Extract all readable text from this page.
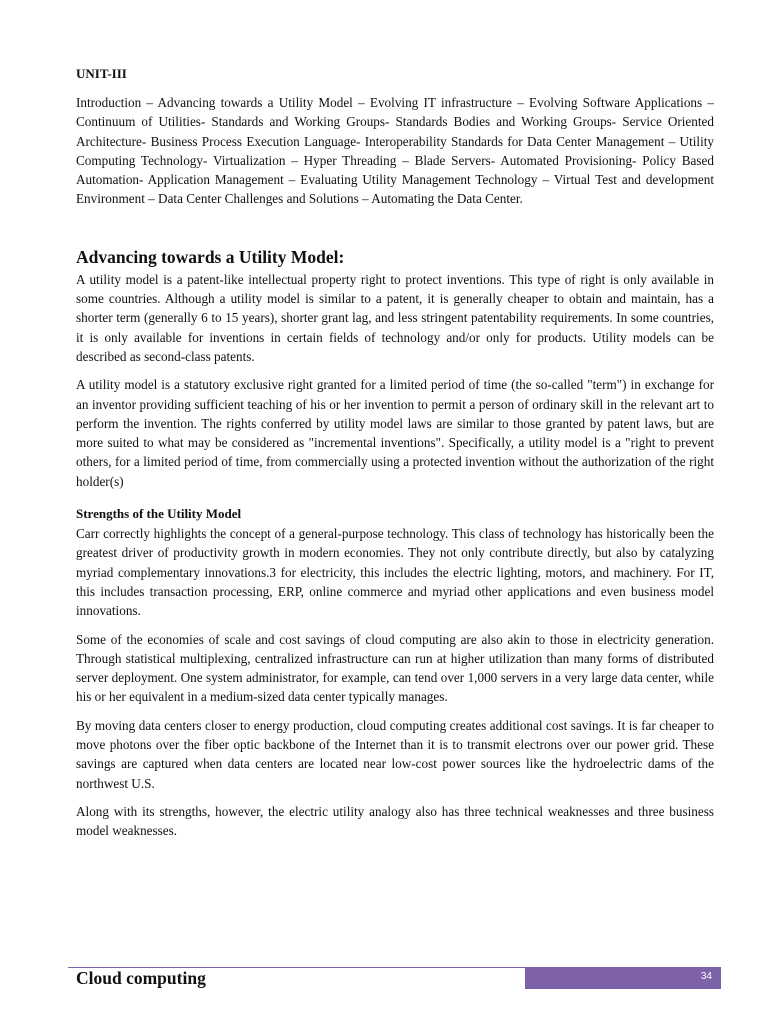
UNIT-III

Introduction – Advancing towards a Utility Model – Evolving IT infrastructure – Evolving Software Applications – Continuum of Utilities- Standards and Working Groups- Standards Bodies and Working Groups- Service Oriented Architecture- Business Process Execution Language- Interoperability Standards for Data Center Management – Utility Computing Technology- Virtualization – Hyper Threading – Blade Servers- Automated Provisioning- Policy Based Automation- Application Management – Evaluating Utility Management Technology – Virtual Test and development Environment – Data Center Challenges and Solutions – Automating the Data Center.

Advancing towards a Utility Model:

A utility model is a patent-like intellectual property right to protect inventions. This type of right is only available in some countries. Although a utility model is similar to a patent, it is generally cheaper to obtain and maintain, has a shorter term (generally 6 to 15 years), shorter grant lag, and less stringent patentability requirements. In some countries, it is only available for inventions in certain fields of technology and/or only for products. Utility models can be described as second-class patents.

A utility model is a statutory exclusive right granted for a limited period of time (the so-called "term") in exchange for an inventor providing sufficient teaching of his or her invention to permit a person of ordinary skill in the relevant art to perform the invention. The rights conferred by utility model laws are similar to those granted by patent laws, but are more suited to what may be considered as "incremental inventions". Specifically, a utility model is a "right to prevent others, for a limited period of time, from commercially using a protected invention without the authorization of the right holder(s)

Strengths of the Utility Model

Carr correctly highlights the concept of a general-purpose technology. This class of technology has historically been the greatest driver of productivity growth in modern economies. They not only contribute directly, but also by catalyzing myriad complementary innovations.3 for electricity, this includes the electric lighting, motors, and machinery. For IT, this includes transaction processing, ERP, online commerce and myriad other applications and even business model innovations.

Some of the economies of scale and cost savings of cloud computing are also akin to those in electricity generation. Through statistical multiplexing, centralized infrastructure can run at higher utilization than many forms of distributed server deployment. One system administrator, for example, can tend over 1,000 servers in a very large data center, while his or her equivalent in a medium-sized data center typically manages.

By moving data centers closer to energy production, cloud computing creates additional cost savings. It is far cheaper to move photons over the fiber optic backbone of the Internet than it is to transmit electrons over our power grid. These savings are captured when data centers are located near low-cost power sources like the hydroelectric dams of the northwest U.S.

Along with its strengths, however, the electric utility analogy also has three technical weaknesses and three business model weaknesses.

Cloud computing	34
